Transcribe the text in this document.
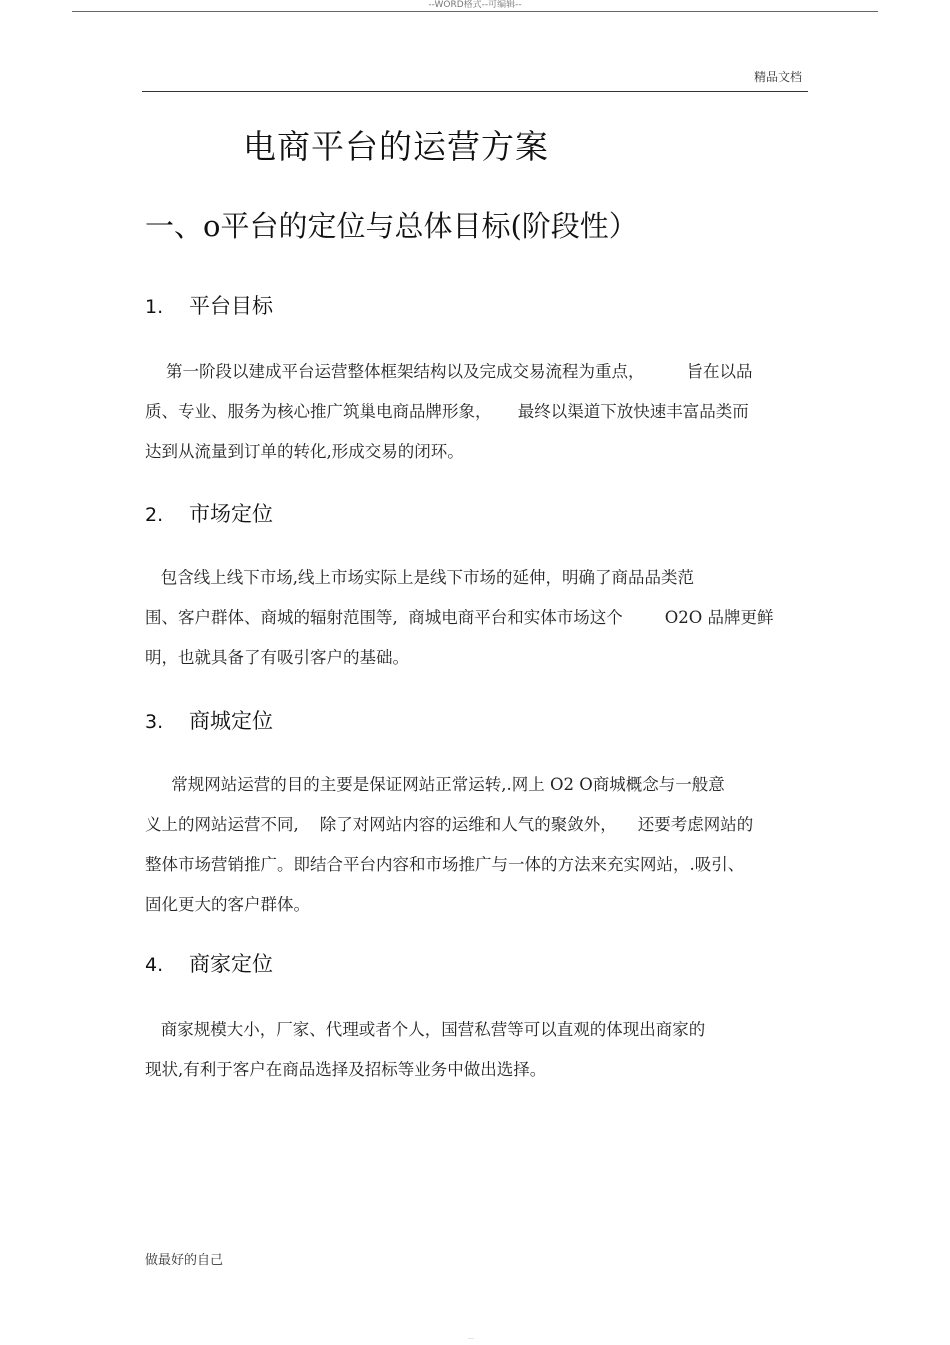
--WORD格式--可编辑--
精品文档
电商平台的运营方案
一、o平台的定位与总体目标(阶段性）
1. 平台目标
第一阶段以建成平台运营整体框架结构以及完成交易流程为重点，        旨在以品
质、专业、服务为核心推广筑巢电商品牌形象，     最终以渠道下放快速丰富品类而
达到从流量到订单的转化,形成交易的闭环。
2. 市场定位
包含线上线下市场,线上市场实际上是线下市场的延伸，明确了商品品类范
围、客户群体、商城的辐射范围等,  商城电商平台和实体市场这个        O2O 品牌更鲜
明，也就具备了有吸引客户的基础。
3. 商城定位
常规网站运营的目的主要是保证网站正常运转,.网上 O2 O商城概念与一般意
义上的网站运营不同,    除了对网站内容的运维和人气的聚敛外，    还要考虑网站的
整体市场营销推广。即结合平台内容和市场推广与一体的方法来充实网站，.吸引、
固化更大的客户群体。
4. 商家定位
商家规模大小，厂家、代理或者个人，国营私营等可以直观的体现出商家的
现状,有利于客户在商品选择及招标等业务中做出选择。
做最好的自己
---
